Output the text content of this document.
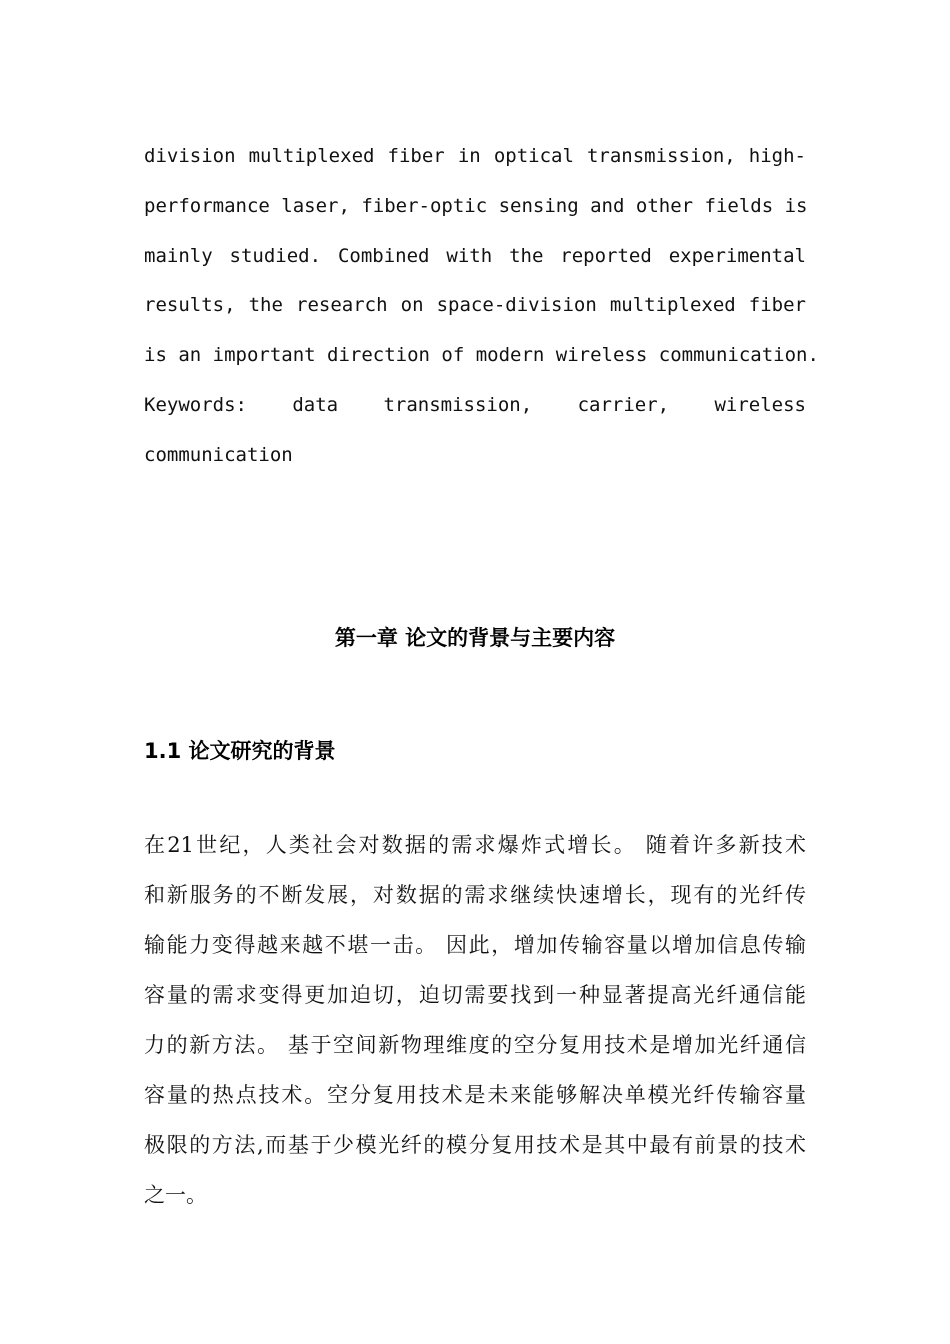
division multiplexed fiber in optical transmission, high-
performance laser, fiber-optic sensing and other fields is
mainly studied. Combined with the reported experimental
results, the research on space-division multiplexed fiber
is an important direction of modern wireless communication.
Keywords: data transmission, carrier, wireless
communication
第一章 论文的背景与主要内容
1.1 论文研究的背景
在21世纪，人类社会对数据的需求爆炸式增长。 随着许多新技术
和新服务的不断发展，对数据的需求继续快速增长，现有的光纤传
输能力变得越来越不堪一击。 因此，增加传输容量以增加信息传输
容量的需求变得更加迫切，迫切需要找到一种显著提高光纤通信能
力的新方法。 基于空间新物理维度的空分复用技术是增加光纤通信
容量的热点技术。空分复用技术是未来能够解决单模光纤传输容量
极限的方法,而基于少模光纤的模分复用技术是其中最有前景的技术
之一。
